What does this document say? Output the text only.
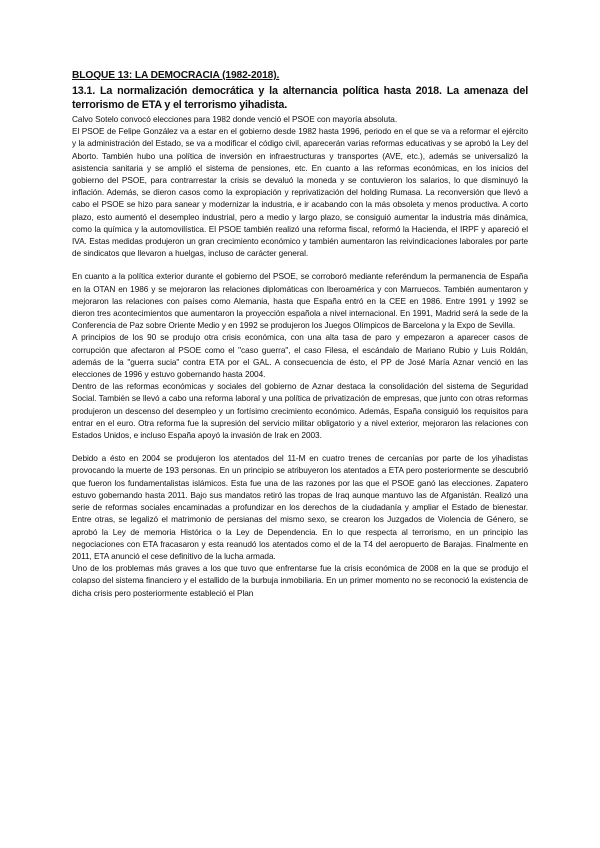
BLOQUE 13: LA DEMOCRACIA (1982-2018).
13.1. La normalización democrática y la alternancia política hasta 2018. La amenaza del terrorismo de ETA y el terrorismo yihadista.

Calvo Sotelo convocó elecciones para 1982 donde venció el PSOE con mayoría absoluta.

El PSOE de Felipe González va a estar en el gobierno desde 1982 hasta 1996, periodo en el que se va a reformar el ejército y la administración del Estado, se va a modificar el código civil, aparecerán varias reformas educativas y se aprobó la Ley del Aborto. También hubo una política de inversión en infraestructuras y transportes (AVE, etc.), además se universalizó la asistencia sanitaria y se amplió el sistema de pensiones, etc. En cuanto a las reformas económicas, en los inicios del gobierno del PSOE, para contrarrestar la crisis se devaluó la moneda y se contuvieron los salarios, lo que disminuyó la inflación. Además, se dieron casos como la expropiación y reprivatización del holding Rumasa. La reconversión que llevó a cabo el PSOE se hizo para sanear y modernizar la industria, e ir acabando con la más obsoleta y menos productiva. A corto plazo, esto aumentó el desempleo industrial, pero a medio y largo plazo, se consiguió aumentar la industria más dinámica, como la química y la automovilística. El PSOE también realizó una reforma fiscal, reformó la Hacienda, el IRPF y apareció el IVA. Estas medidas produjeron un gran crecimiento económico y también aumentaron las reivindicaciones laborales por parte de sindicatos que llevaron a huelgas, incluso de carácter general.

En cuanto a la política exterior durante el gobierno del PSOE, se corroboró mediante referéndum la permanencia de España en la OTAN en 1986 y se mejoraron las relaciones diplomáticas con Iberoamérica y con Marruecos. También aumentaron y mejoraron las relaciones con países como Alemania, hasta que España entró en la CEE en 1986. Entre 1991 y 1992 se dieron tres acontecimientos que aumentaron la proyección española a nivel internacional. En 1991, Madrid será la sede de la Conferencia de Paz sobre Oriente Medio y en 1992 se produjeron los Juegos Olímpicos de Barcelona y la Expo de Sevilla.

A principios de los 90 se produjo otra crisis económica, con una alta tasa de paro y empezaron a aparecer casos de corrupción que afectaron al PSOE como el "caso guerra", el caso Filesa, el escándalo de Mariano Rubio y Luis Roldán, además de la "guerra sucia" contra ETA por el GAL. A consecuencia de ésto, el PP de José María Aznar venció en las elecciones de 1996 y estuvo gobernando hasta 2004.

Dentro de las reformas económicas y sociales del gobierno de Aznar destaca la consolidación del sistema de Seguridad Social. También se llevó a cabo una reforma laboral y una política de privatización de empresas, que junto con otras reformas produjeron un descenso del desempleo y un fortísimo crecimiento económico. Además, España consiguió los requisitos para entrar en el euro. Otra reforma fue la supresión del servicio militar obligatorio y a nivel exterior, mejoraron las relaciones con Estados Unidos, e incluso España apoyó la invasión de Irak en 2003.

Debido a ésto en 2004 se produjeron los atentados del 11-M en cuatro trenes de cercanías por parte de los yihadistas provocando la muerte de 193 personas. En un principio se atribuyeron los atentados a ETA pero posteriormente se descubrió que fueron los fundamentalistas islámicos. Esta fue una de las razones por las que el PSOE ganó las elecciones. Zapatero estuvo gobernando hasta 2011. Bajo sus mandatos retiró las tropas de Iraq aunque mantuvo las de Afganistán. Realizó una serie de reformas sociales encaminadas a profundizar en los derechos de la ciudadanía y ampliar el Estado de bienestar. Entre otras, se legalizó el matrimonio de persianas del mismo sexo, se crearon los Juzgados de Violencia de Género, se aprobó la Ley de memoria Histórica o la Ley de Dependencia. En lo que respecta al terrorismo, en un principio las negociaciones con ETA fracasaron y esta reanudó los atentados como el de la T4 del aeropuerto de Barajas. Finalmente en 2011, ETA anunció el cese definitivo de la lucha armada.

Uno de los problemas más graves a los que tuvo que enfrentarse fue la crisis económica de 2008 en la que se produjo el colapso del sistema financiero y el estallido de la burbuja inmobiliaria. En un primer momento no se reconoció la existencia de dicha crisis pero posteriormente estableció el Plan
